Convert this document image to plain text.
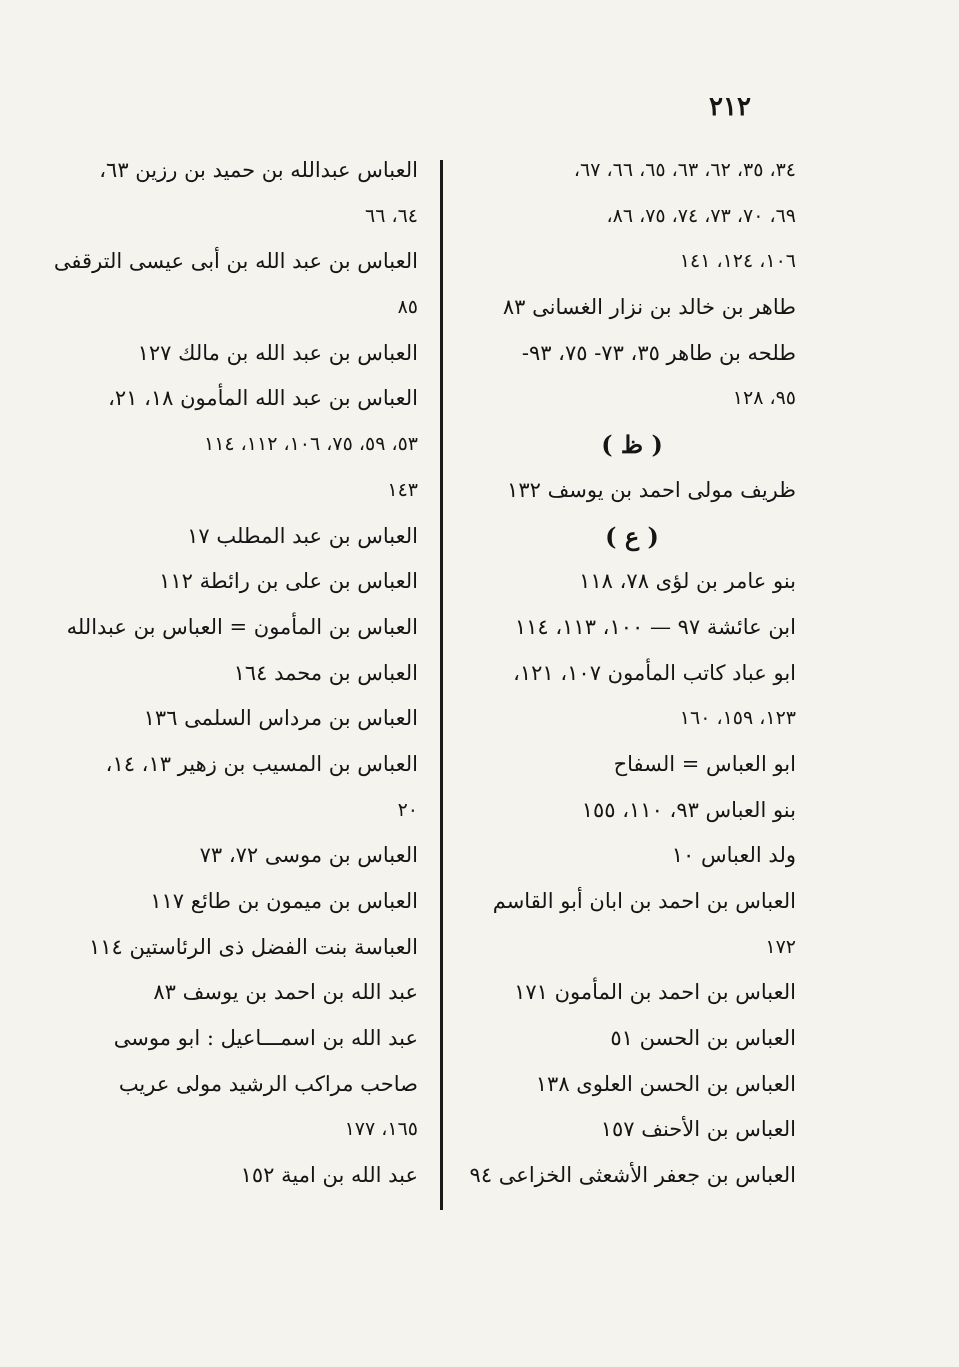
٢١٢
٣٤، ٣٥، ٦٢، ٦٣، ٦٥، ٦٦، ٦٧،
٦٩، ٧٠، ٧٣، ٧٤، ٧٥، ٨٦،
١٠٦، ١٢٤، ١٤١
طاهر بن خالد بن نزار الغسانى ٨٣
طلحه بن طاهر ٣٥، ٧٣- ٧٥، ٩٣-
٩٥، ١٢٨
( ظ )
ظريف مولى احمد بن يوسف ١٣٢
( ع )
بنو عامر بن لؤى ٧٨، ١١٨
ابن عائشة ٩٧ — ١٠٠، ١١٣، ١١٤
ابو عباد كاتب المأمون ١٠٧، ١٢١،
١٢٣، ١٥٩، ١٦٠
ابو العباس = السفاح
بنو العباس ٩٣، ١١٠، ١٥٥
ولد العباس ١٠
العباس بن احمد بن ابان أبو القاسم
١٧٢
العباس بن احمد بن المأمون ١٧١
العباس بن الحسن ٥١
العباس بن الحسن العلوى ١٣٨
العباس بن الأحنف ١٥٧
العباس بن جعفر الأشعثى الخزاعى ٩٤
العباس عبدالله بن حميد بن رزين ٦٣،
٦٤، ٦٦
العباس بن عبد الله بن أبى عيسى الترقفى
٨٥
العباس بن عبد الله بن مالك ١٢٧
العباس بن عبد الله المأمون ١٨، ٢١،
٥٣، ٥٩، ٧٥، ١٠٦، ١١٢، ١١٤
١٤٣
العباس بن عبد المطلب ١٧
العباس بن على بن رائطة ١١٢
العباس بن المأمون = العباس بن عبدالله
العباس بن محمد ١٦٤
العباس بن مرداس السلمى ١٣٦
العباس بن المسيب بن زهير ١٣، ١٤،
٢٠
العباس بن موسى ٧٢، ٧٣
العباس بن ميمون بن طائع ١١٧
العباسة بنت الفضل ذى الرئاستين ١١٤
عبد الله بن احمد بن يوسف ٨٣
عبد الله بن اسمـــاعيل : ابو موسى
صاحب مراكب الرشيد مولى عريب
١٦٥، ١٧٧
عبد الله بن امية ١٥٢
